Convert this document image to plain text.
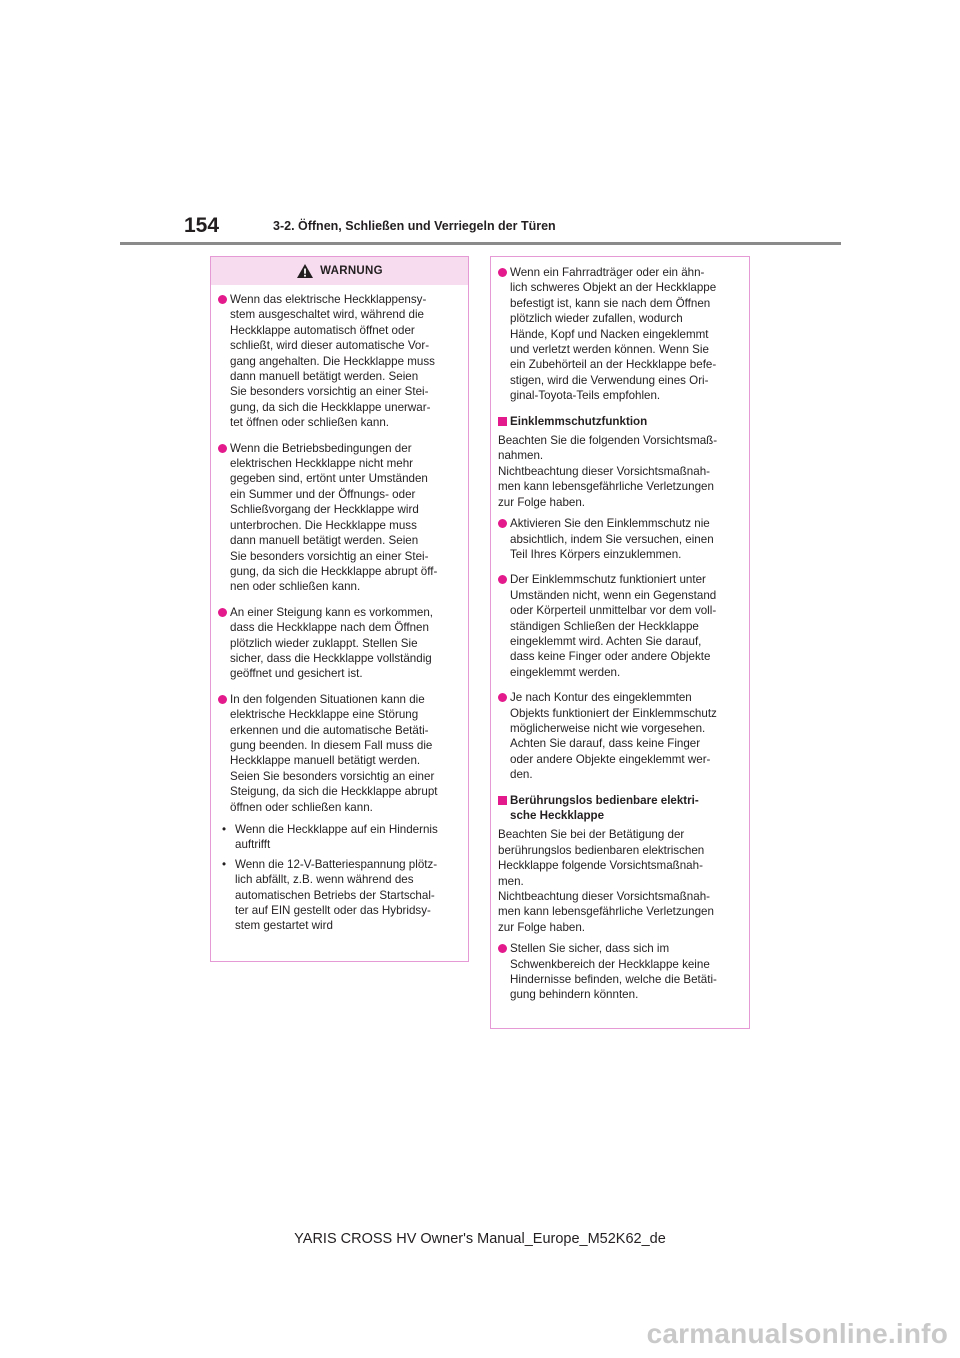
154	3-2. Öffnen, Schließen und Verriegeln der Türen
WARNUNG
Wenn das elektrische Heckklappensy-
stem ausgeschaltet wird, während die
Heckklappe automatisch öffnet oder
schließt, wird dieser automatische Vor-
gang angehalten. Die Heckklappe muss
dann manuell betätigt werden. Seien
Sie besonders vorsichtig an einer Stei-
gung, da sich die Heckklappe unerwar-
tet öffnen oder schließen kann.
Wenn die Betriebsbedingungen der
elektrischen Heckklappe nicht mehr
gegeben sind, ertönt unter Umständen
ein Summer und der Öffnungs- oder
Schließvorgang der Heckklappe wird
unterbrochen. Die Heckklappe muss
dann manuell betätigt werden. Seien
Sie besonders vorsichtig an einer Stei-
gung, da sich die Heckklappe abrupt öff-
nen oder schließen kann.
An einer Steigung kann es vorkommen,
dass die Heckklappe nach dem Öffnen
plötzlich wieder zuklappt. Stellen Sie
sicher, dass die Heckklappe vollständig
geöffnet und gesichert ist.
In den folgenden Situationen kann die
elektrische Heckklappe eine Störung
erkennen und die automatische Betäti-
gung beenden. In diesem Fall muss die
Heckklappe manuell betätigt werden.
Seien Sie besonders vorsichtig an einer
Steigung, da sich die Heckklappe abrupt
öffnen oder schließen kann.
• Wenn die Heckklappe auf ein Hindernis
auftrifft
• Wenn die 12-V-Batteriespannung plötz-
lich abfällt, z.B. wenn während des
automatischen Betriebs der Startschal-
ter auf EIN gestellt oder das Hybridsy-
stem gestartet wird
Wenn ein Fahrradträger oder ein ähn-
lich schweres Objekt an der Heckklappe
befestigt ist, kann sie nach dem Öffnen
plötzlich wieder zufallen, wodurch
Hände, Kopf und Nacken eingeklemmt
und verletzt werden können. Wenn Sie
ein Zubehörteil an der Heckklappe befe-
stigen, wird die Verwendung eines Ori-
ginal-Toyota-Teils empfohlen.
Einklemmschutzfunktion
Beachten Sie die folgenden Vorsichtsmaß-
nahmen.
Nichtbeachtung dieser Vorsichtsmaßnah-
men kann lebensgefährliche Verletzungen
zur Folge haben.
Aktivieren Sie den Einklemmschutz nie
absichtlich, indem Sie versuchen, einen
Teil Ihres Körpers einzuklemmen.
Der Einklemmschutz funktioniert unter
Umständen nicht, wenn ein Gegenstand
oder Körperteil unmittelbar vor dem voll-
ständigen Schließen der Heckklappe
eingeklemmt wird. Achten Sie darauf,
dass keine Finger oder andere Objekte
eingeklemmt werden.
Je nach Kontur des eingeklemmten
Objekts funktioniert der Einklemmschutz
möglicherweise nicht wie vorgesehen.
Achten Sie darauf, dass keine Finger
oder andere Objekte eingeklemmt wer-
den.
Berührungslos bedienbare elektri-
sche Heckklappe
Beachten Sie bei der Betätigung der
berührungslos bedienbaren elektrischen
Heckklappe folgende Vorsichtsmaßnah-
men.
Nichtbeachtung dieser Vorsichtsmaßnah-
men kann lebensgefährliche Verletzungen
zur Folge haben.
Stellen Sie sicher, dass sich im
Schwenkbereich der Heckklappe keine
Hindernisse befinden, welche die Betäti-
gung behindern könnten.
YARIS CROSS HV Owner's Manual_Europe_M52K62_de
carmanualsonline.info
